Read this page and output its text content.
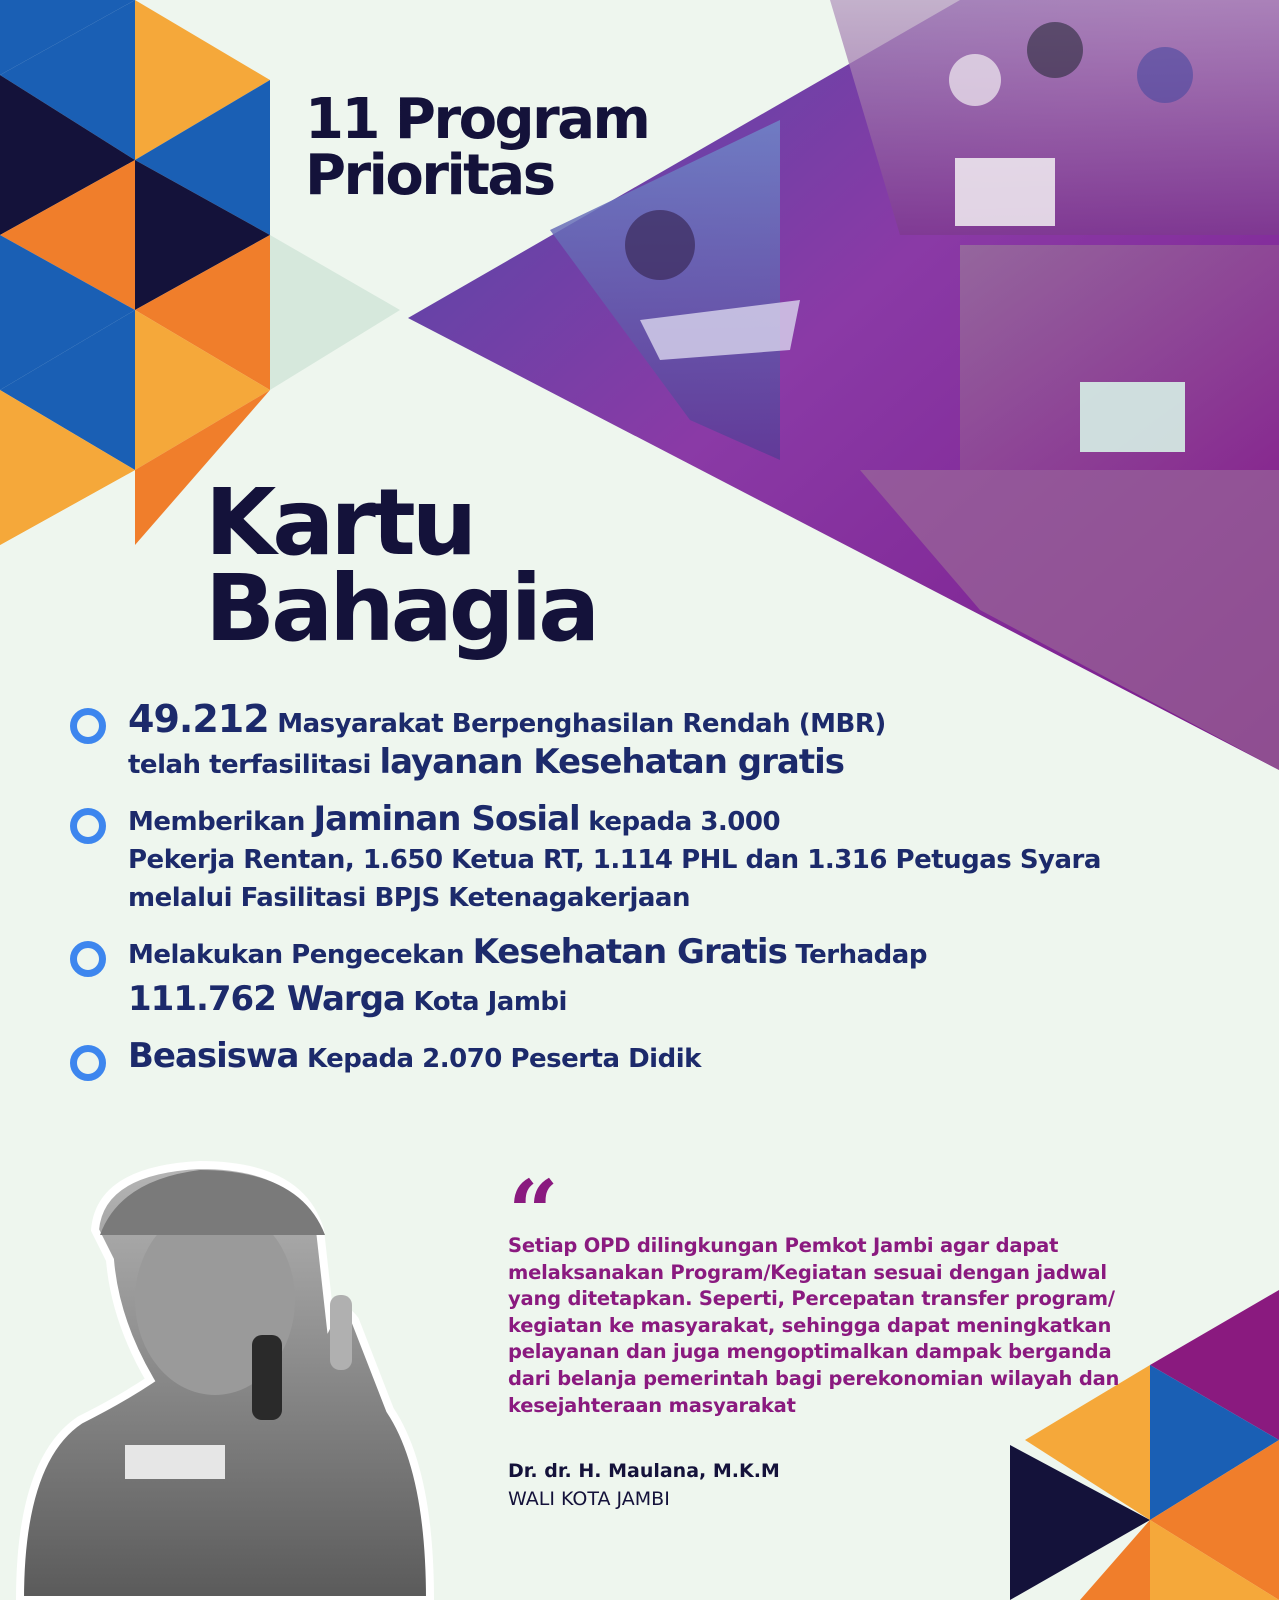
11 Program
Prioritas
Kartu
Bahagia
49.212 Masyarakat Berpenghasilan Rendah (MBR)
telah terfasilitasi layanan Kesehatan gratis
Memberikan Jaminan Sosial kepada 3.000
Pekerja Rentan, 1.650 Ketua RT, 1.114 PHL dan 1.316 Petugas Syara
melalui Fasilitasi BPJS Ketenagakerjaan
Melakukan Pengecekan Kesehatan Gratis Terhadap
111.762 Warga Kota Jambi
Beasiswa Kepada 2.070 Peserta Didik
“
Setiap OPD dilingkungan Pemkot Jambi agar dapat melaksanakan Program/Kegiatan sesuai dengan jadwal yang ditetapkan. Seperti, Percepatan transfer program/ kegiatan ke masyarakat, sehingga dapat meningkatkan pelayanan dan juga mengoptimalkan dampak berganda dari belanja pemerintah bagi perekonomian wilayah dan kesejahteraan masyarakat
Dr. dr. H. Maulana, M.K.M
WALI KOTA JAMBI
